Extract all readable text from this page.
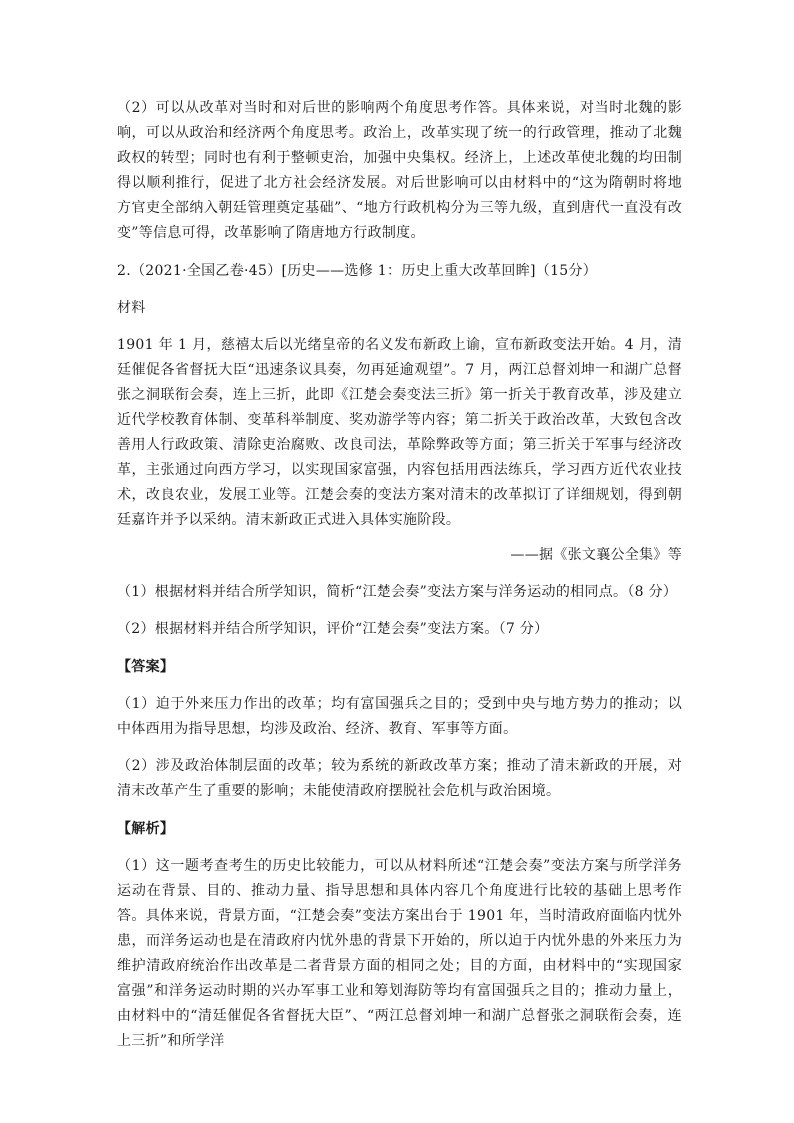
（2）可以从改革对当时和对后世的影响两个角度思考作答。具体来说，对当时北魏的影响，可以从政治和经济两个角度思考。政治上，改革实现了统一的行政管理，推动了北魏政权的转型；同时也有利于整顿吏治，加强中央集权。经济上，上述改革使北魏的均田制得以顺利推行，促进了北方社会经济发展。对后世影响可以由材料中的“这为隋朝时将地方官吏全部纳入朝廷管理奠定基础”、“地方行政机构分为三等九级，直到唐代一直没有改变”等信息可得，改革影响了隋唐地方行政制度。

2.（2021·全国乙卷·45）[历史——选修 1：历史上重大改革回眸]（15分）

材料

1901 年 1 月，慈禧太后以光绪皇帝的名义发布新政上谕，宣布新政变法开始。4 月，清廷催促各省督抚大臣“迅速条议具奏，勿再延逾观望”。7 月，两江总督刘坤一和湖广总督张之洞联衔会奏，连上三折，此即《江楚会奏变法三折》第一折关于教育改革，涉及建立近代学校教育体制、变革科举制度、奖劝游学等内容；第二折关于政治改革，大致包含改善用人行政政策、清除吏治腐败、改良司法，革除弊政等方面；第三折关于军事与经济改革，主张通过向西方学习，以实现国家富强，内容包括用西法练兵，学习西方近代农业技术，改良农业，发展工业等。江楚会奏的变法方案对清末的改革拟订了详细规划，得到朝廷嘉许并予以采纳。清末新政正式进入具体实施阶段。

——据《张文襄公全集》等

（1）根据材料并结合所学知识，简析“江楚会奏”变法方案与洋务运动的相同点。（8 分）

（2）根据材料并结合所学知识，评价“江楚会奏”变法方案。（7 分）

【答案】

（1）迫于外来压力作出的改革；均有富国强兵之目的；受到中央与地方势力的推动；以中体西用为指导思想，均涉及政治、经济、教育、军事等方面。

（2）涉及政治体制层面的改革；较为系统的新政改革方案；推动了清末新政的开展，对清末改革产生了重要的影响；未能使清政府摆脱社会危机与政治困境。

【解析】

（1）这一题考查考生的历史比较能力，可以从材料所述“江楚会奏”变法方案与所学洋务运动在背景、目的、推动力量、指导思想和具体内容几个角度进行比较的基础上思考作答。具体来说，背景方面，“江楚会奏”变法方案出台于 1901 年，当时清政府面临内忧外患，而洋务运动也是在清政府内忧外患的背景下开始的，所以迫于内忧外患的外来压力为维护清政府统治作出改革是二者背景方面的相同之处；目的方面，由材料中的“实现国家富强”和洋务运动时期的兴办军事工业和筹划海防等均有富国强兵之目的；推动力量上，由材料中的“清廷催促各省督抚大臣”、“两江总督刘坤一和湖广总督张之洞联衔会奏，连上三折”和所学洋
